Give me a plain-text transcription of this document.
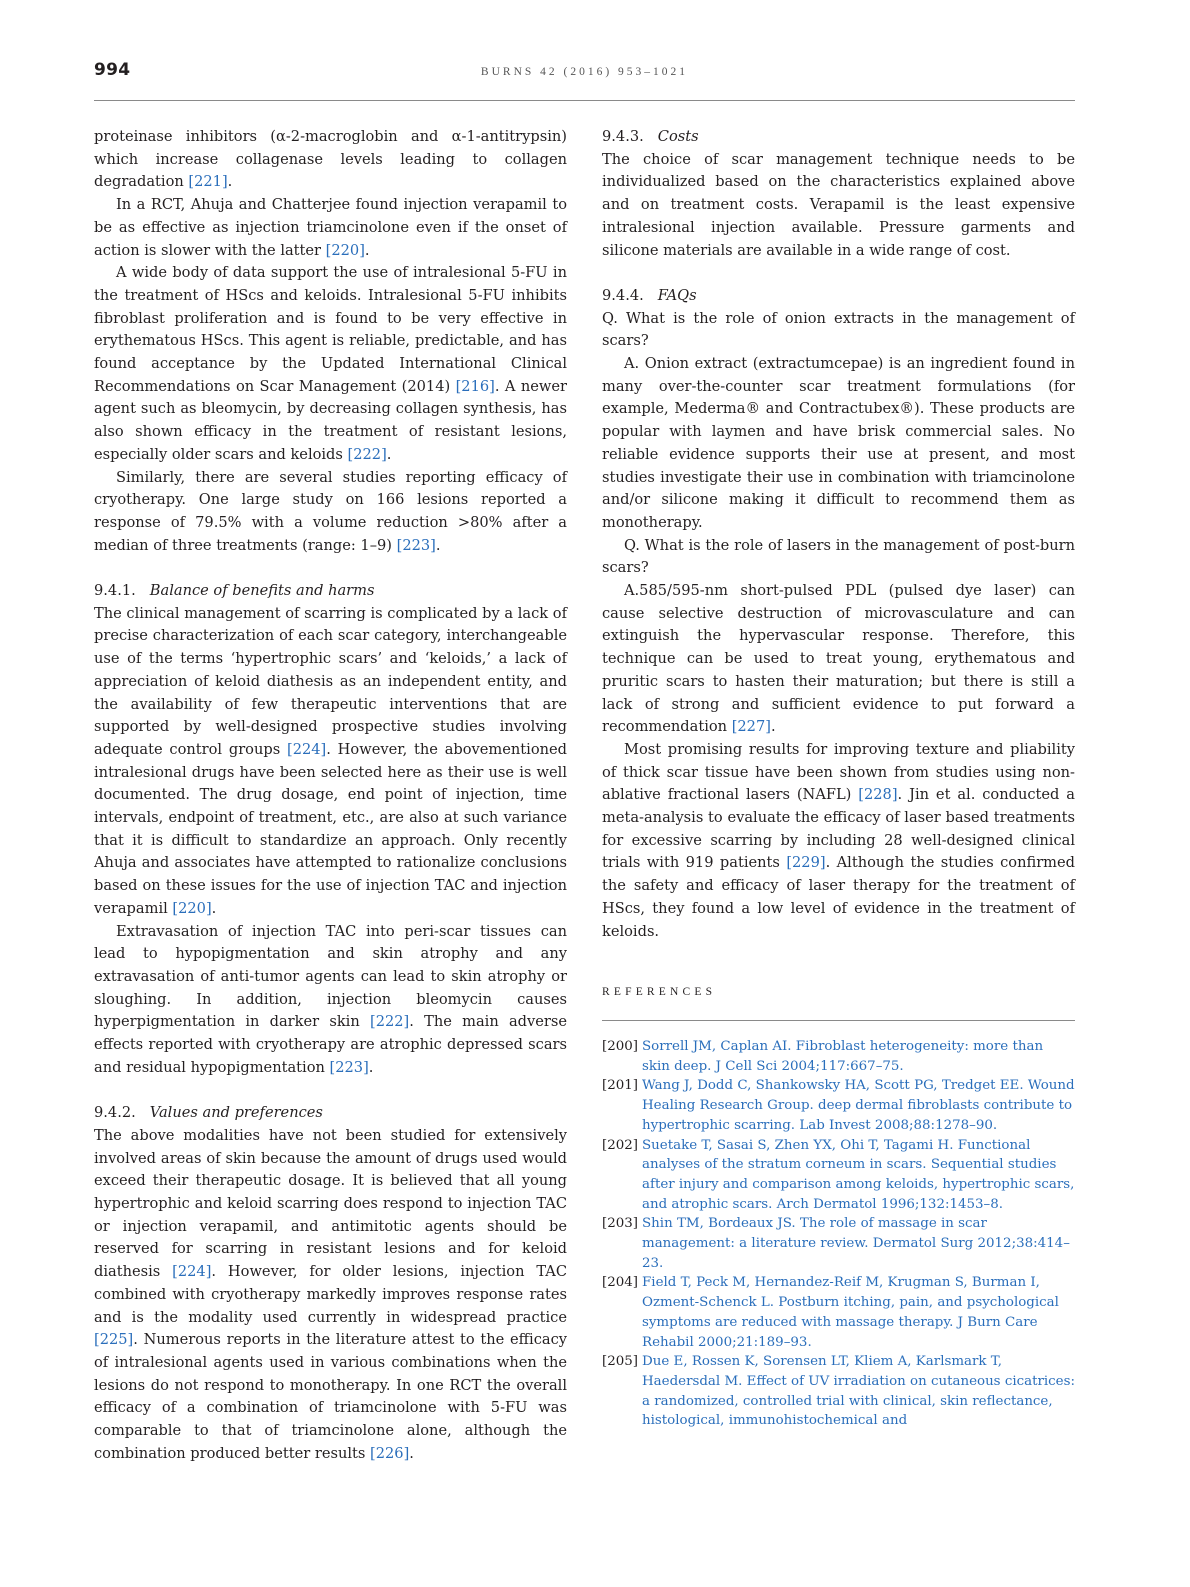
994	BURNS 42 (2016) 953–1021

proteinase inhibitors (α-2-macroglobin and α-1-antitrypsin) which increase collagenase levels leading to collagen degradation [221].

In a RCT, Ahuja and Chatterjee found injection verapamil to be as effective as injection triamcinolone even if the onset of action is slower with the latter [220].

A wide body of data support the use of intralesional 5-FU in the treatment of HScs and keloids. Intralesional 5-FU inhibits fibroblast proliferation and is found to be very effective in erythematous HScs. This agent is reliable, predictable, and has found acceptance by the Updated International Clinical Recommendations on Scar Management (2014) [216]. A newer agent such as bleomycin, by decreasing collagen synthesis, has also shown efficacy in the treatment of resistant lesions, especially older scars and keloids [222].

Similarly, there are several studies reporting efficacy of cryotherapy. One large study on 166 lesions reported a response of 79.5% with a volume reduction >80% after a median of three treatments (range: 1–9) [223].

9.4.1. Balance of benefits and harms

The clinical management of scarring is complicated by a lack of precise characterization of each scar category, interchangeable use of the terms ‘hypertrophic scars’ and ‘keloids,’ a lack of appreciation of keloid diathesis as an independent entity, and the availability of few therapeutic interventions that are supported by well-designed prospective studies involving adequate control groups [224]. However, the abovementioned intralesional drugs have been selected here as their use is well documented. The drug dosage, end point of injection, time intervals, endpoint of treatment, etc., are also at such variance that it is difficult to standardize an approach. Only recently Ahuja and associates have attempted to rationalize conclusions based on these issues for the use of injection TAC and injection verapamil [220].

Extravasation of injection TAC into peri-scar tissues can lead to hypopigmentation and skin atrophy and any extravasation of anti-tumor agents can lead to skin atrophy or sloughing. In addition, injection bleomycin causes hyperpigmentation in darker skin [222]. The main adverse effects reported with cryotherapy are atrophic depressed scars and residual hypopigmentation [223].

9.4.2. Values and preferences

The above modalities have not been studied for extensively involved areas of skin because the amount of drugs used would exceed their therapeutic dosage. It is believed that all young hypertrophic and keloid scarring does respond to injection TAC or injection verapamil, and antimitotic agents should be reserved for scarring in resistant lesions and for keloid diathesis [224]. However, for older lesions, injection TAC combined with cryotherapy markedly improves response rates and is the modality used currently in widespread practice [225]. Numerous reports in the literature attest to the efficacy of intralesional agents used in various combinations when the lesions do not respond to monotherapy. In one RCT the overall efficacy of a combination of triamcinolone with 5-FU was comparable to that of triamcinolone alone, although the combination produced better results [226].

9.4.3. Costs

The choice of scar management technique needs to be individualized based on the characteristics explained above and on treatment costs. Verapamil is the least expensive intralesional injection available. Pressure garments and silicone materials are available in a wide range of cost.

9.4.4. FAQs

Q. What is the role of onion extracts in the management of scars?

A. Onion extract (extractumcepae) is an ingredient found in many over-the-counter scar treatment formulations (for example, Mederma® and Contractubex®). These products are popular with laymen and have brisk commercial sales. No reliable evidence supports their use at present, and most studies investigate their use in combination with triamcinolone and/or silicone making it difficult to recommend them as monotherapy.

Q. What is the role of lasers in the management of post-burn scars?

A.585/595-nm short-pulsed PDL (pulsed dye laser) can cause selective destruction of microvasculature and can extinguish the hypervascular response. Therefore, this technique can be used to treat young, erythematous and pruritic scars to hasten their maturation; but there is still a lack of strong and sufficient evidence to put forward a recommendation [227].

Most promising results for improving texture and pliability of thick scar tissue have been shown from studies using non-ablative fractional lasers (NAFL) [228]. Jin et al. conducted a meta-analysis to evaluate the efficacy of laser based treatments for excessive scarring by including 28 well-designed clinical trials with 919 patients [229]. Although the studies confirmed the safety and efficacy of laser therapy for the treatment of HScs, they found a low level of evidence in the treatment of keloids.

REFERENCES
[200] Sorrell JM, Caplan AI. Fibroblast heterogeneity: more than skin deep. J Cell Sci 2004;117:667–75.
[201] Wang J, Dodd C, Shankowsky HA, Scott PG, Tredget EE. Wound Healing Research Group. deep dermal fibroblasts contribute to hypertrophic scarring. Lab Invest 2008;88:1278–90.
[202] Suetake T, Sasai S, Zhen YX, Ohi T, Tagami H. Functional analyses of the stratum corneum in scars. Sequential studies after injury and comparison among keloids, hypertrophic scars, and atrophic scars. Arch Dermatol 1996;132:1453–8.
[203] Shin TM, Bordeaux JS. The role of massage in scar management: a literature review. Dermatol Surg 2012;38:414–23.
[204] Field T, Peck M, Hernandez-Reif M, Krugman S, Burman I, Ozment-Schenck L. Postburn itching, pain, and psychological symptoms are reduced with massage therapy. J Burn Care Rehabil 2000;21:189–93.
[205] Due E, Rossen K, Sorensen LT, Kliem A, Karlsmark T, Haedersdal M. Effect of UV irradiation on cutaneous cicatrices: a randomized, controlled trial with clinical, skin reflectance, histological, immunohistochemical and
